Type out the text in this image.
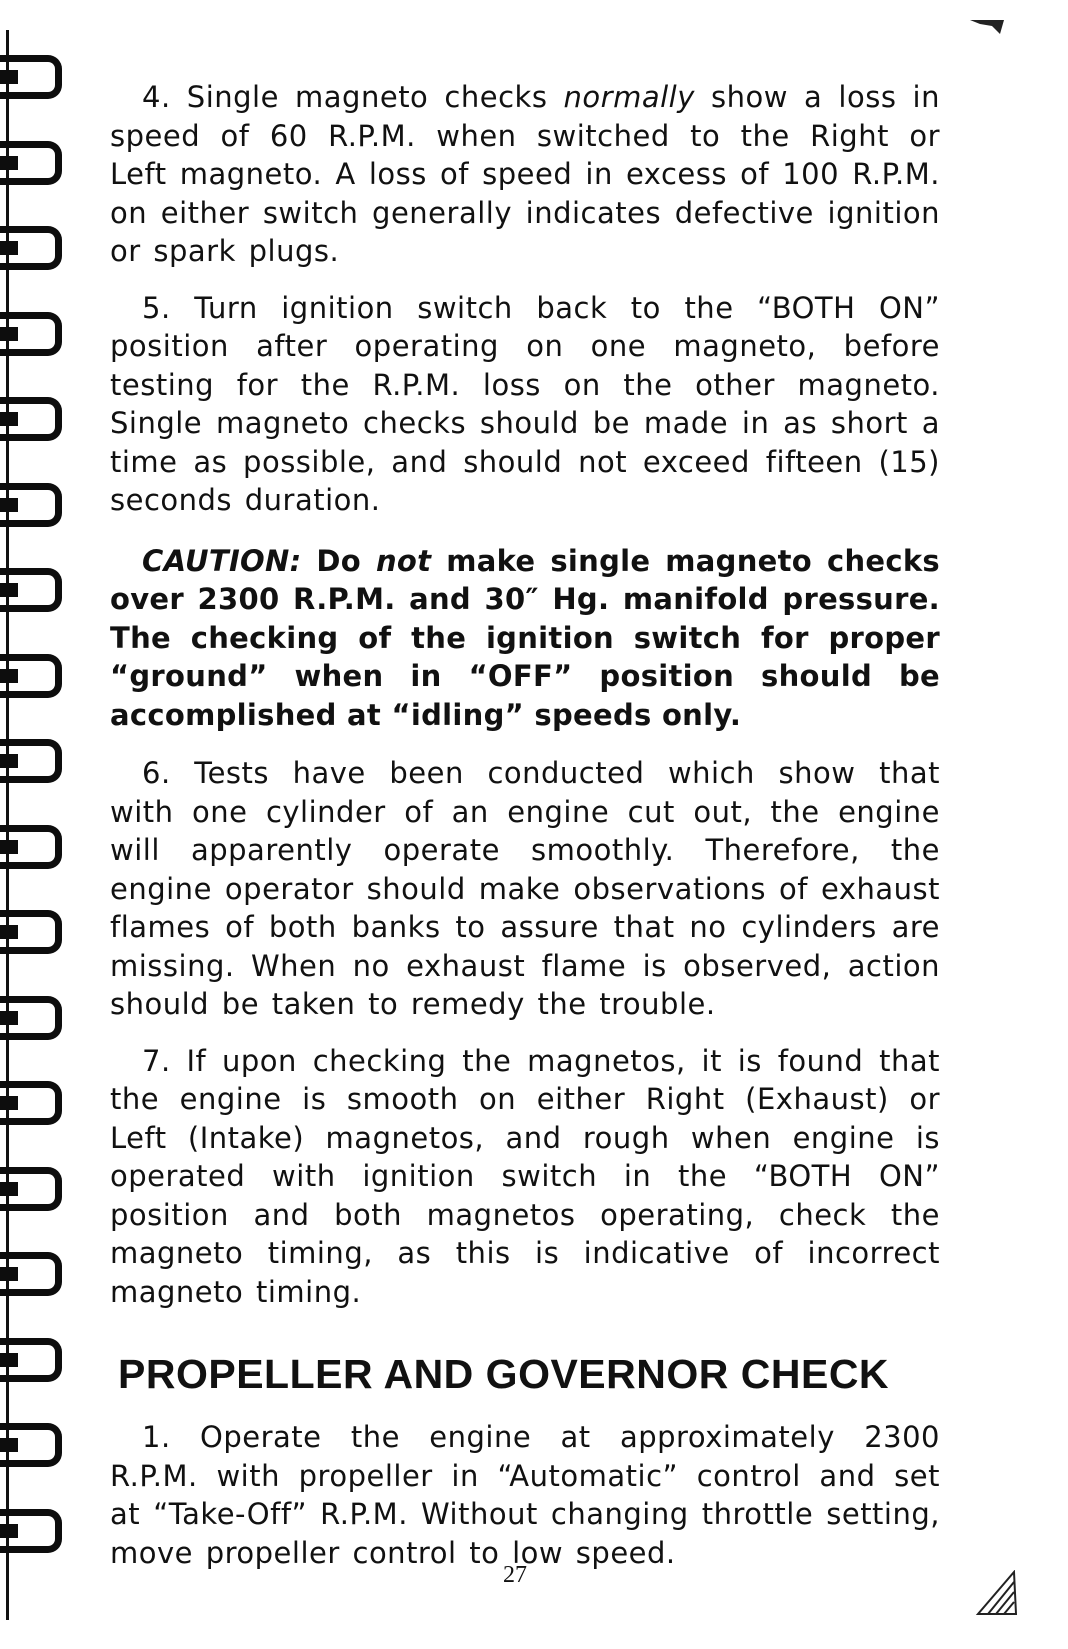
4. Single magneto checks normally show a loss in speed of 60 R.P.M. when switched to the Right or Left magneto. A loss of speed in excess of 100 R.P.M. on either switch generally indicates defective ignition or spark plugs.

5. Turn ignition switch back to the “BOTH ON” position after operating on one magneto, before testing for the R.P.M. loss on the other magneto. Single magneto checks should be made in as short a time as possible, and should not exceed fifteen (15) seconds duration.

CAUTION: Do not make single magneto checks over 2300 R.P.M. and 30″ Hg. manifold pressure. The checking of the ignition switch for proper “ground” when in “OFF” position should be accomplished at “idling” speeds only.

6. Tests have been conducted which show that with one cylinder of an engine cut out, the engine will apparently operate smoothly. Therefore, the engine operator should make observations of exhaust flames of both banks to assure that no cylinders are missing. When no exhaust flame is observed, action should be taken to remedy the trouble.

7. If upon checking the magnetos, it is found that the engine is smooth on either Right (Exhaust) or Left (Intake) magnetos, and rough when engine is operated with ignition switch in the “BOTH ON” position and both magnetos operating, check the magneto timing, as this is indicative of incorrect magneto timing.

PROPELLER AND GOVERNOR CHECK

1. Operate the engine at approximately 2300 R.P.M. with propeller in “Automatic” control and set at “Take-Off” R.P.M. Without changing throttle setting, move propeller control to low speed.

27
